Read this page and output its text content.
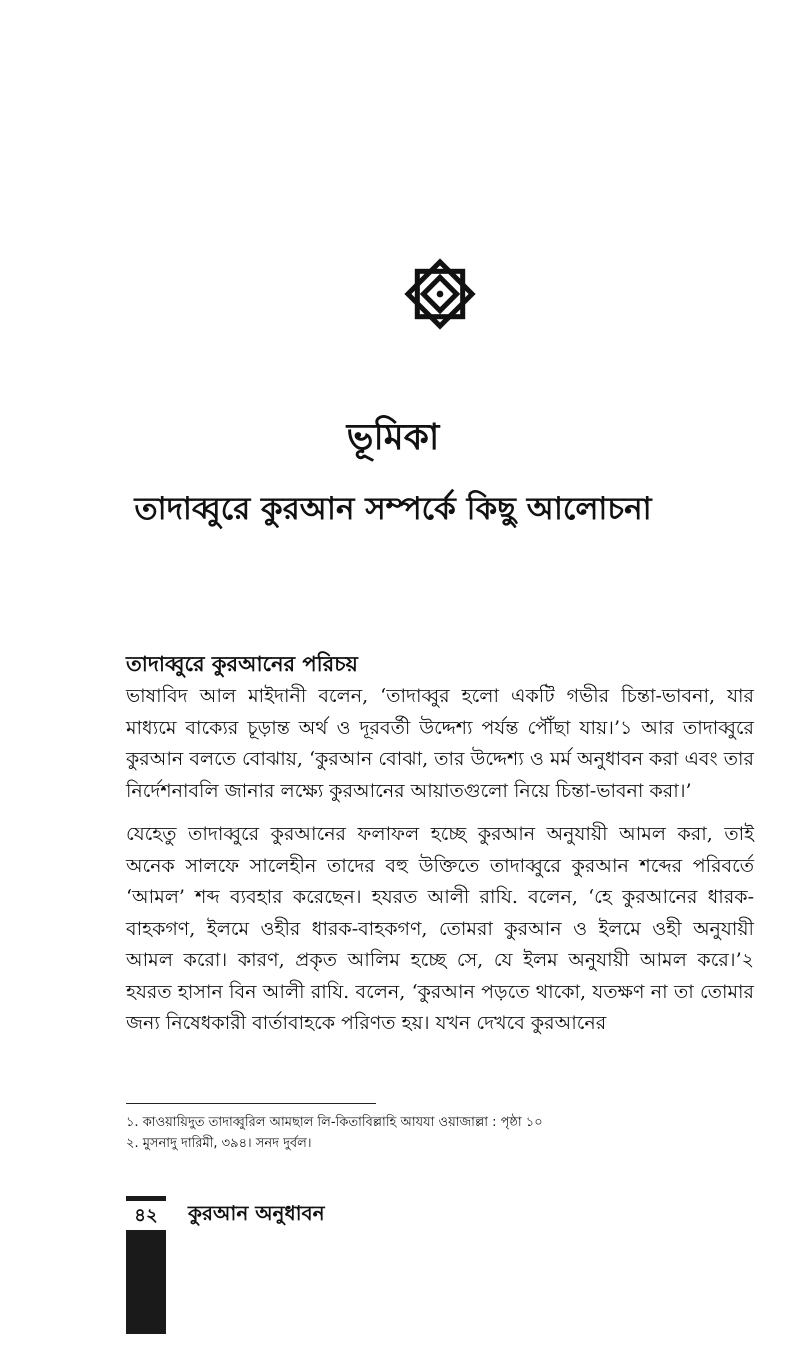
ভূমিকা
তাদাব্বুরে কুরআন সম্পর্কে কিছু আলোচনা
তাদাব্বুরে কুরআনের পরিচয়

ভাষাবিদ আল মাইদানী বলেন, ‘তাদাব্বুর হলো একটি গভীর চিন্তা-ভাবনা, যার মাধ্যমে বাক্যের চূড়ান্ত অর্থ ও দূরবর্তী উদ্দেশ্য পর্যন্ত পৌঁছা যায়।’১ আর তাদাব্বুরে কুরআন বলতে বোঝায়, ‘কুরআন বোঝা, তার উদ্দেশ্য ও মর্ম অনুধাবন করা এবং তার নির্দেশনাবলি জানার লক্ষ্যে কুরআনের আয়াতগুলো নিয়ে চিন্তা-ভাবনা করা।’

যেহেতু তাদাব্বুরে কুরআনের ফলাফল হচ্ছে কুরআন অনুযায়ী আমল করা, তাই অনেক সালফে সালেহীন তাদের বহু উক্তিতে তাদাব্বুরে কুরআন শব্দের পরিবর্তে ‘আমল’ শব্দ ব্যবহার করেছেন। হযরত আলী রাযি. বলেন, ‘হে কুরআনের ধারক-বাহকগণ, ইলমে ওহীর ধারক-বাহকগণ, তোমরা কুরআন ও ইলমে ওহী অনুযায়ী আমল করো। কারণ, প্রকৃত আলিম হচ্ছে সে, যে ইলম অনুযায়ী আমল করে।’২ হযরত হাসান বিন আলী রাযি. বলেন, ‘কুরআন পড়তে থাকো, যতক্ষণ না তা তোমার জন্য নিষেধকারী বার্তাবাহকে পরিণত হয়। যখন দেখবে কুরআনের

১. কাওয়ায়িদুত তাদাব্বুরিল আমছাল লি-কিতাবিল্লাহি আযযা ওয়াজাল্লা : পৃষ্ঠা ১০

২. মুসনাদু দারিমী, ৩৯৪। সনদ দুর্বল।

৪২	কুরআন অনুধাবন
